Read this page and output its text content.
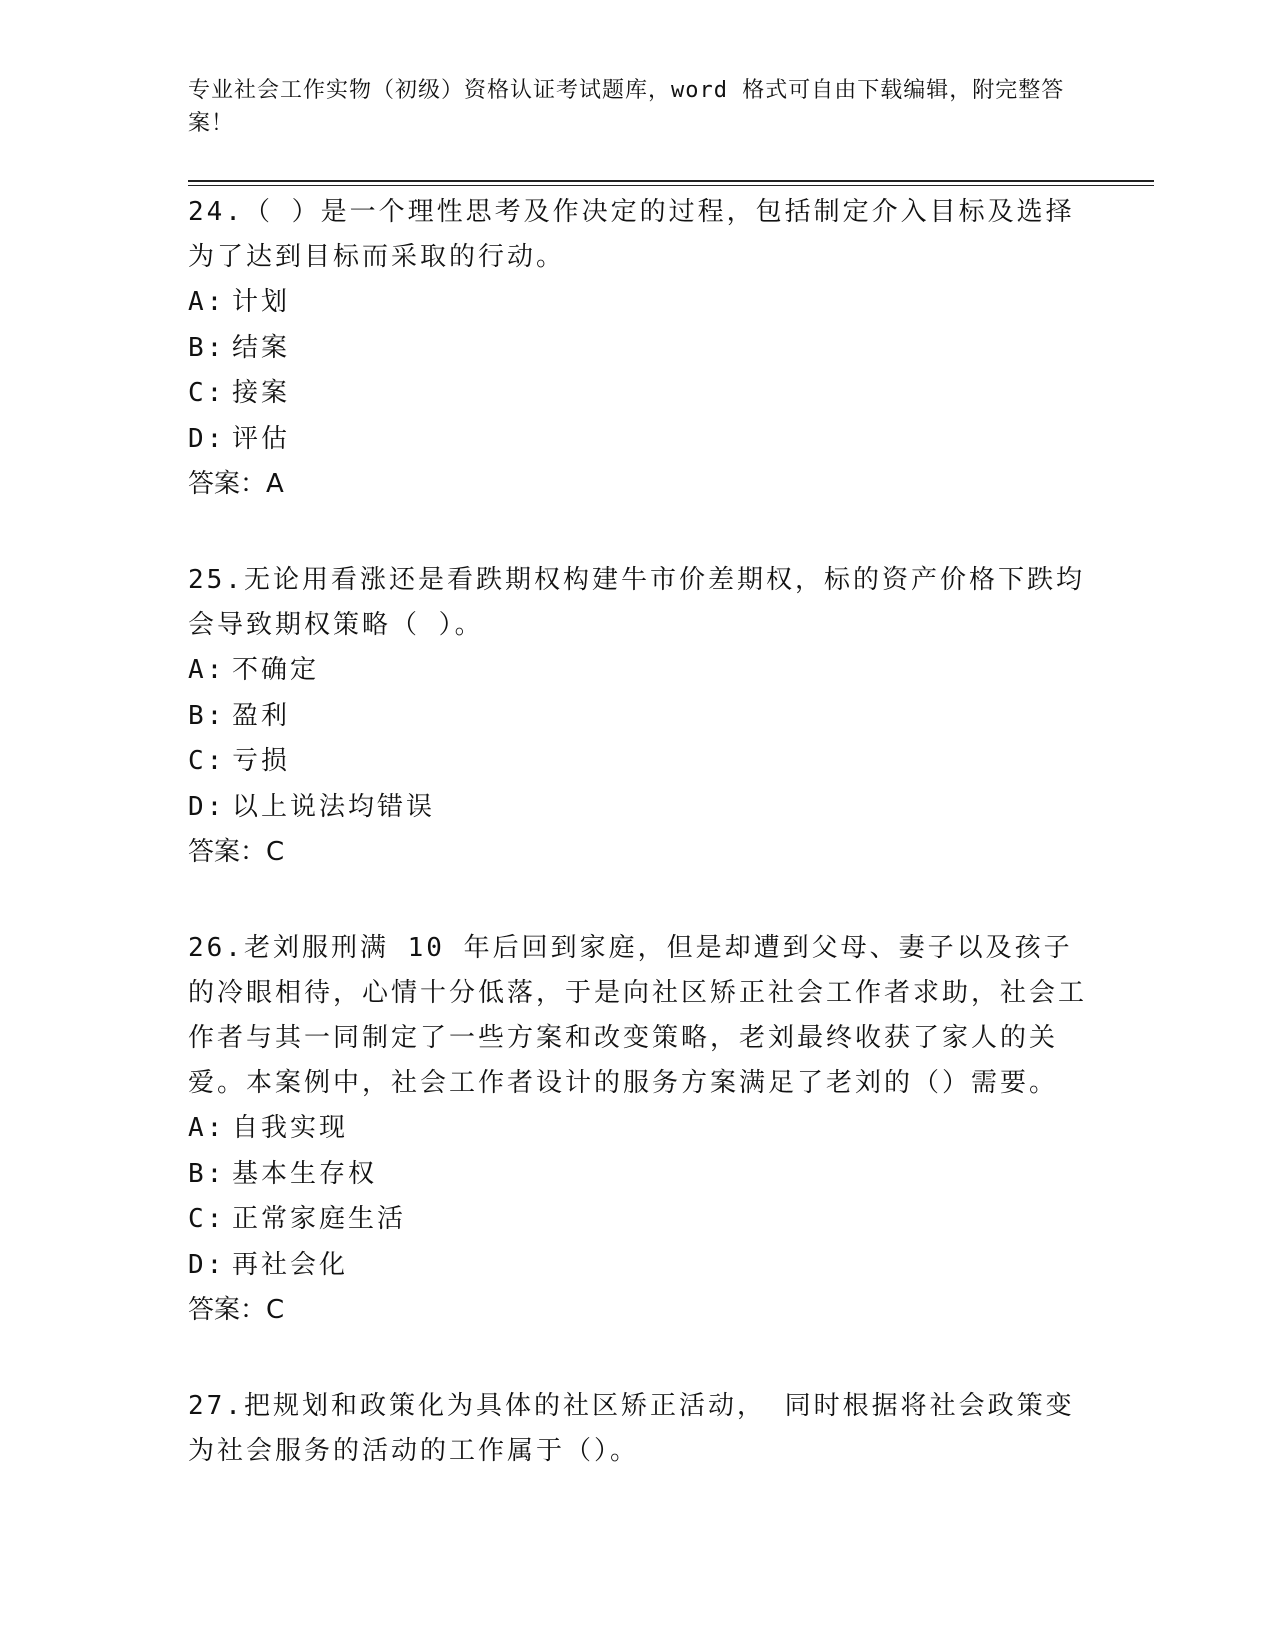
专业社会工作实物（初级）资格认证考试题库，word 格式可自由下载编辑，附完整答案！

24.（ ）是一个理性思考及作决定的过程，包括制定介入目标及选择为了达到目标而采取的行动。

A: 计划

B: 结案

C: 接案

D: 评估

答案：A

25.无论用看涨还是看跌期权构建牛市价差期权，标的资产价格下跌均会导致期权策略（ ）。

A: 不确定

B: 盈利

C: 亏损

D: 以上说法均错误

答案：C

26.老刘服刑满 10 年后回到家庭，但是却遭到父母、妻子以及孩子的冷眼相待，心情十分低落，于是向社区矫正社会工作者求助，社会工作者与其一同制定了一些方案和改变策略，老刘最终收获了家人的关爱。本案例中，社会工作者设计的服务方案满足了老刘的（）需要。

A: 自我实现

B: 基本生存权

C: 正常家庭生活

D: 再社会化

答案：C

27.把规划和政策化为具体的社区矫正活动， 同时根据将社会政策变为社会服务的活动的工作属于（）。
